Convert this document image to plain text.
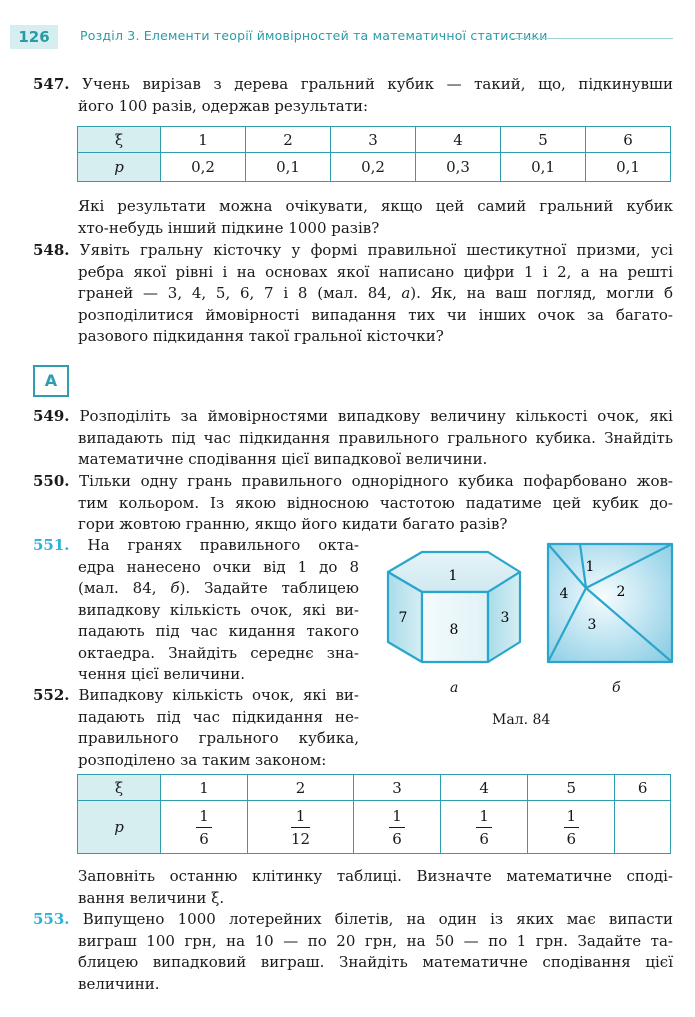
126	Розділ 3. Елементи теорії ймовірностей та математичної статистики
547. Учень вирізав з дерева гральний кубик — такий, що, підкинувши
його 100 разів, одержав результати:
ξ	1	2	3	4	5	6
p	0,2	0,1	0,2	0,3	0,1	0,1
Які результати можна очікувати, якщо цей самий гральний кубик
хто-небудь інший підкине 1000 разів?
548. Уявіть гральну кісточку у формі правильної шестикутної призми, усі
ребра якої рівні і на основах якої написано цифри 1 і 2, а на решті
граней — 3, 4, 5, 6, 7 і 8 (мал. 84, а). Як, на ваш погляд, могли б
розподілитися ймовірності випадання тих чи інших очок за багато-
разового підкидання такої гральної кісточки?
А
549. Розподіліть за ймовірностями випадкову величину кількості очок, які
випадають під час підкидання правильного грального кубика. Знайдіть
математичне сподівання цієї випадкової величини.
550. Тільки одну грань правильного однорідного кубика пофарбовано жов-
тим кольором. Із якою відносною частотою падатиме цей кубик до-
гори жовтою гранню, якщо його кидати багато разів?
551. На гранях правильного окта-
едра нанесено очки від 1 до 8
(мал. 84, б). Задайте таблицею
випадкову кількість очок, які ви-
падають під час кидання такого
октаедра. Знайдіть середнє зна-
чення цієї величини.
552. Випадкову кількість очок, які ви-
падають під час підкидання не-
правильного грального кубика,
розподілено за таким законом:
1
7
8
3
1
2
3
4
а	б
Мал. 84
ξ	1	2	3	4	5	6
p	$\frac{1}{6}$	$\frac{1}{12}$	$\frac{1}{6}$	$\frac{1}{6}$	$\frac{1}{6}$

Заповніть останню клітинку таблиці. Визначте математичне споді-
вання величини ξ.
553. Випущено 1000 лотерейних білетів, на один із яких має випасти
виграш 100 грн, на 10 — по 20 грн, на 50 — по 1 грн. Задайте та-
блицею випадковий виграш. Знайдіть математичне сподівання цієї
величини.
